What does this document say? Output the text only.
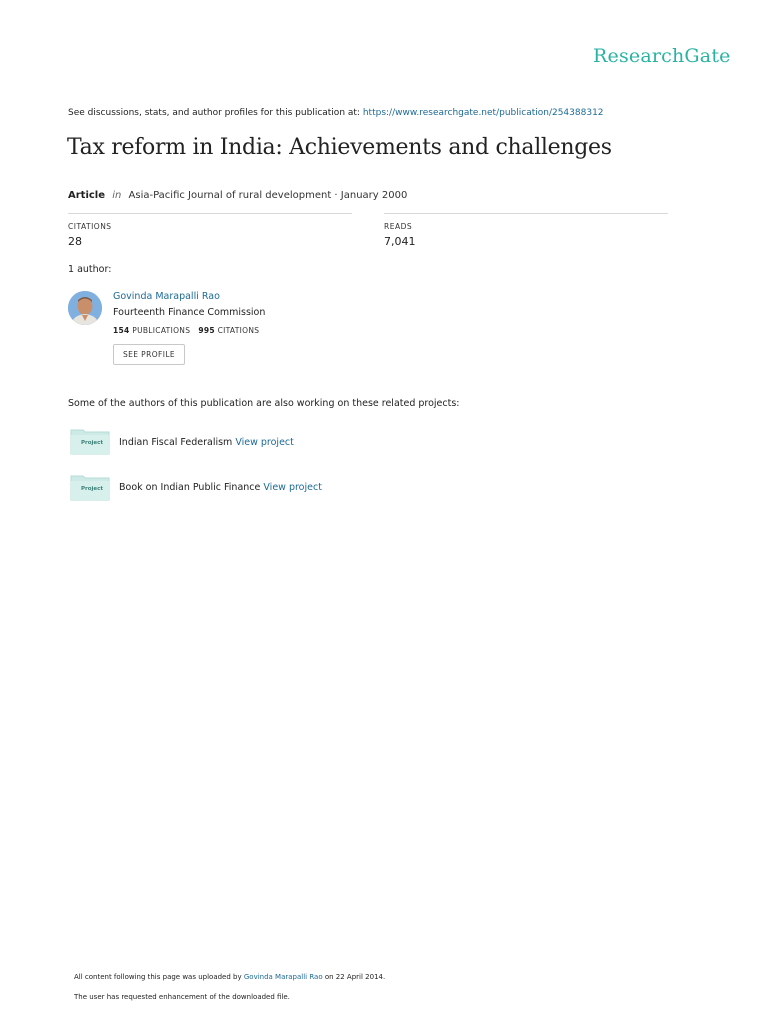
ResearchGate
See discussions, stats, and author profiles for this publication at: https://www.researchgate.net/publication/254388312
Tax reform in India: Achievements and challenges
Article in Asia-Pacific Journal of rural development · January 2000
CITATIONS
28
READS
7,041
1 author:
Govinda Marapalli Rao
Fourteenth Finance Commission
154 PUBLICATIONS 995 CITATIONS
SEE PROFILE
Some of the authors of this publication are also working on these related projects:
Project Indian Fiscal Federalism View project
Project Book on Indian Public Finance View project
All content following this page was uploaded by Govinda Marapalli Rao on 22 April 2014.
The user has requested enhancement of the downloaded file.
